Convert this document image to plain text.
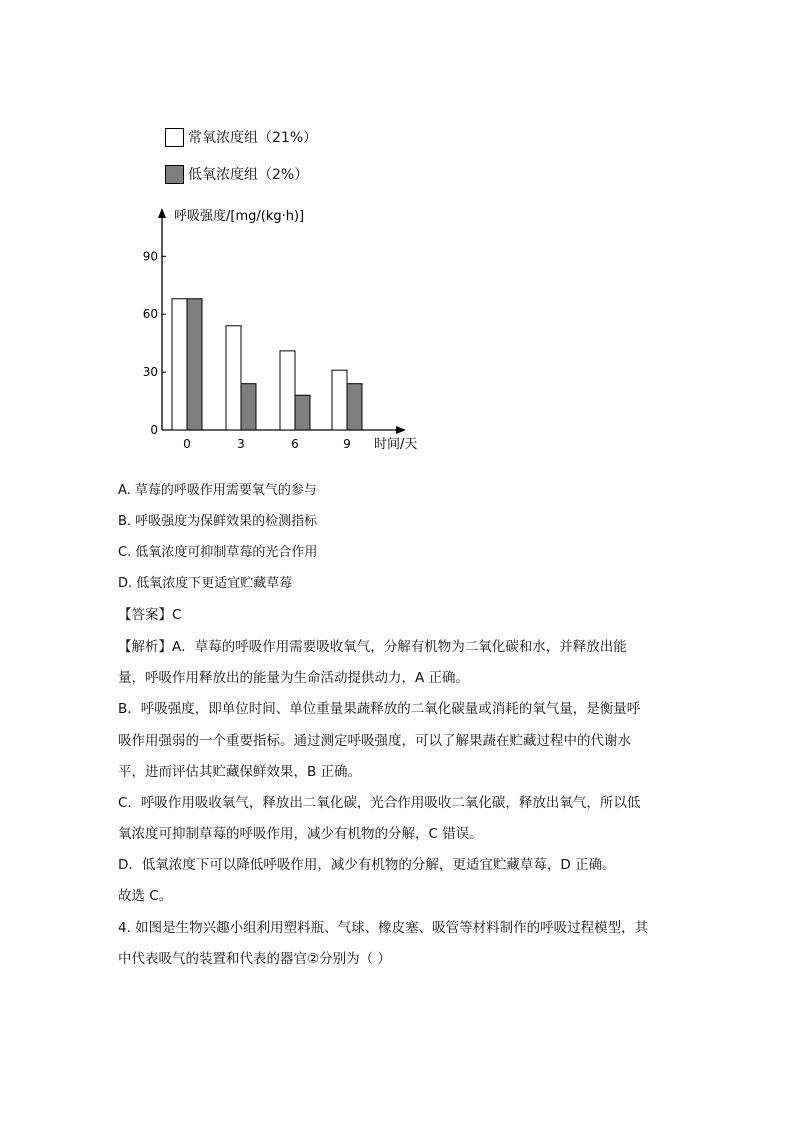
常氧浓度组（21%）
低氧浓度组（2%）
呼吸强度/[mg/(kg·h)]
时间/天
0
30
60
90
0	3	6	9
A. 草莓的呼吸作用需要氧气的参与
B. 呼吸强度为保鲜效果的检测指标
C. 低氧浓度可抑制草莓的光合作用
D. 低氧浓度下更适宜贮藏草莓
【答案】C
【解析】A．草莓的呼吸作用需要吸收氧气，分解有机物为二氧化碳和水，并释放出能
量，呼吸作用释放出的能量为生命活动提供动力，A 正确。
B．呼吸强度，即单位时间、单位重量果蔬释放的二氧化碳量或消耗的氧气量，是衡量呼
吸作用强弱的一个重要指标。通过测定呼吸强度，可以了解果蔬在贮藏过程中的代谢水
平，进而评估其贮藏保鲜效果，B 正确。
C．呼吸作用吸收氧气，释放出二氧化碳，光合作用吸收二氧化碳，释放出氧气，所以低
氧浓度可抑制草莓的呼吸作用，减少有机物的分解，C 错误。
D．低氧浓度下可以降低呼吸作用，减少有机物的分解，更适宜贮藏草莓，D 正确。
故选 C。
4. 如图是生物兴趣小组利用塑料瓶、气球、橡皮塞、吸管等材料制作的呼吸过程模型，其
中代表吸气的装置和代表的器官②分别为（ ）
